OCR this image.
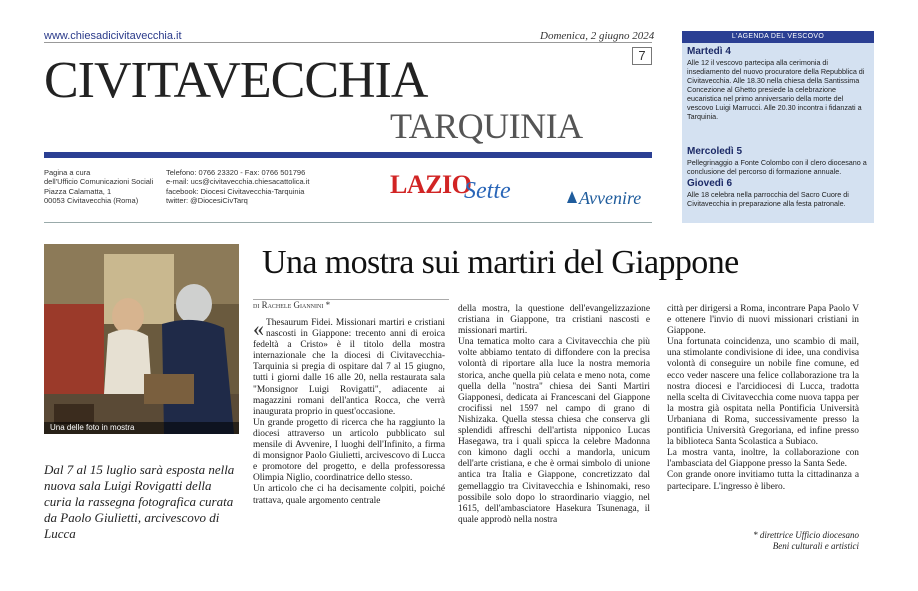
www.chiesadicivitavecchia.it	Domenica, 2 giugno 2024
7
CIVITAVECCHIA
TARQUINIA
Pagina a cura
dell'Ufficio Comunicazioni Sociali
Piazza Calamatta, 1
00053 Civitavecchia (Roma)
Telefono: 0766 23320 - Fax: 0766 501796
e-mail: ucs@civitavecchia.chiesacattolica.it
facebook: Diocesi Civitavecchia-Tarquinia
twitter: @DiocesiCivTarq
LAZIO
Sette	Avvenire
L'AGENDA DEL VESCOVO
Martedì 4
Alle 12 il vescovo partecipa alla cerimonia di insediamento del nuovo procuratore della Repubblica di Civitavecchia. Alle 18.30 nella chiesa della Santissima Concezione al Ghetto presiede la celebrazione eucaristica nel primo anniversario della morte del vescovo Luigi Marrucci. Alle 20.30 incontra i fidanzati a Tarquinia.
Mercoledì 5
Pellegrinaggio a Fonte Colombo con il clero diocesano a conclusione del percorso di formazione annuale.
Giovedì 6
Alle 18 celebra nella parrocchia del Sacro Cuore di Civitavecchia in preparazione alla festa patronale.
Una delle foto in mostra
Dal 7 al 15 luglio sarà esposta nella nuova sala Luigi Rovigatti della curia la rassegna fotografica curata da Paolo Giulietti, arcivescovo di Lucca
Una mostra sui martiri del Giappone
di Rachele Giannini *

« Thesaurum Fidei. Missionari martiri e cristiani nascosti in Giappone: trecento anni di eroica fedeltà a Cristo» è il titolo della mostra internazionale che la diocesi di Civitavecchia-Tarquinia si pregia di ospitare dal 7 al 15 giugno, tutti i giorni dalle 16 alle 20, nella restaurata sala "Monsignor Luigi Rovigatti", adiacente ai magazzini romani dell'antica Rocca, che verrà inaugurata proprio in quest'occasione.

Un grande progetto di ricerca che ha raggiunto la diocesi attraverso un articolo pubblicato sul mensile di Avvenire, I luoghi dell'Infinito, a firma di monsignor Paolo Giulietti, arcivescovo di Lucca e promotore del progetto, e della professoressa Olimpia Niglio, coordinatrice dello stesso.

Un articolo che ci ha decisamente colpiti, poiché trattava, quale argomento centrale

della mostra, la questione dell'evangelizzazione cristiana in Giappone, tra cristiani nascosti e missionari martiri.

Una tematica molto cara a Civitavecchia che più volte abbiamo tentato di diffondere con la precisa volontà di riportare alla luce la nostra memoria storica, anche quella più celata e meno nota, come quella della "nostra" chiesa dei Santi Martiri Giapponesi, dedicata ai Francescani del Giappone crocifissi nel 1597 nel campo di grano di Nishizaka. Quella stessa chiesa che conserva gli splendidi affreschi dell'artista nipponico Lucas Hasegawa, tra i quali spicca la celebre Madonna con kimono dagli occhi a mandorla, unicum dell'arte cristiana, e che è ormai simbolo di unione antica tra Italia e Giappone, concretizzato dal gemellaggio tra Civitavecchia e Ishinomaki, reso possibile solo dopo lo straordinario viaggio, nel 1615, dell'ambasciatore Hasekura Tsunenaga, il quale approdò nella nostra

città per dirigersi a Roma, incontrare Papa Paolo V e ottenere l'invio di nuovi missionari cristiani in Giappone.

Una fortunata coincidenza, uno scambio di mail, una stimolante condivisione di idee, una condivisa volontà di conseguire un nobile fine comune, ed ecco veder nascere una felice collaborazione tra la nostra diocesi e l'arcidiocesi di Lucca, tradotta nella scelta di Civitavecchia come nuova tappa per la mostra già ospitata nella Pontificia Università Urbaniana di Roma, successivamente presso la pontificia Università Gregoriana, ed infine presso la biblioteca Santa Scolastica a Subiaco.

La mostra vanta, inoltre, la collaborazione con l'ambasciata del Giappone presso la Santa Sede.

Con grande onore invitiamo tutta la cittadinanza a partecipare. L'ingresso è libero.

* direttrice Ufficio diocesano
Beni culturali e artistici
